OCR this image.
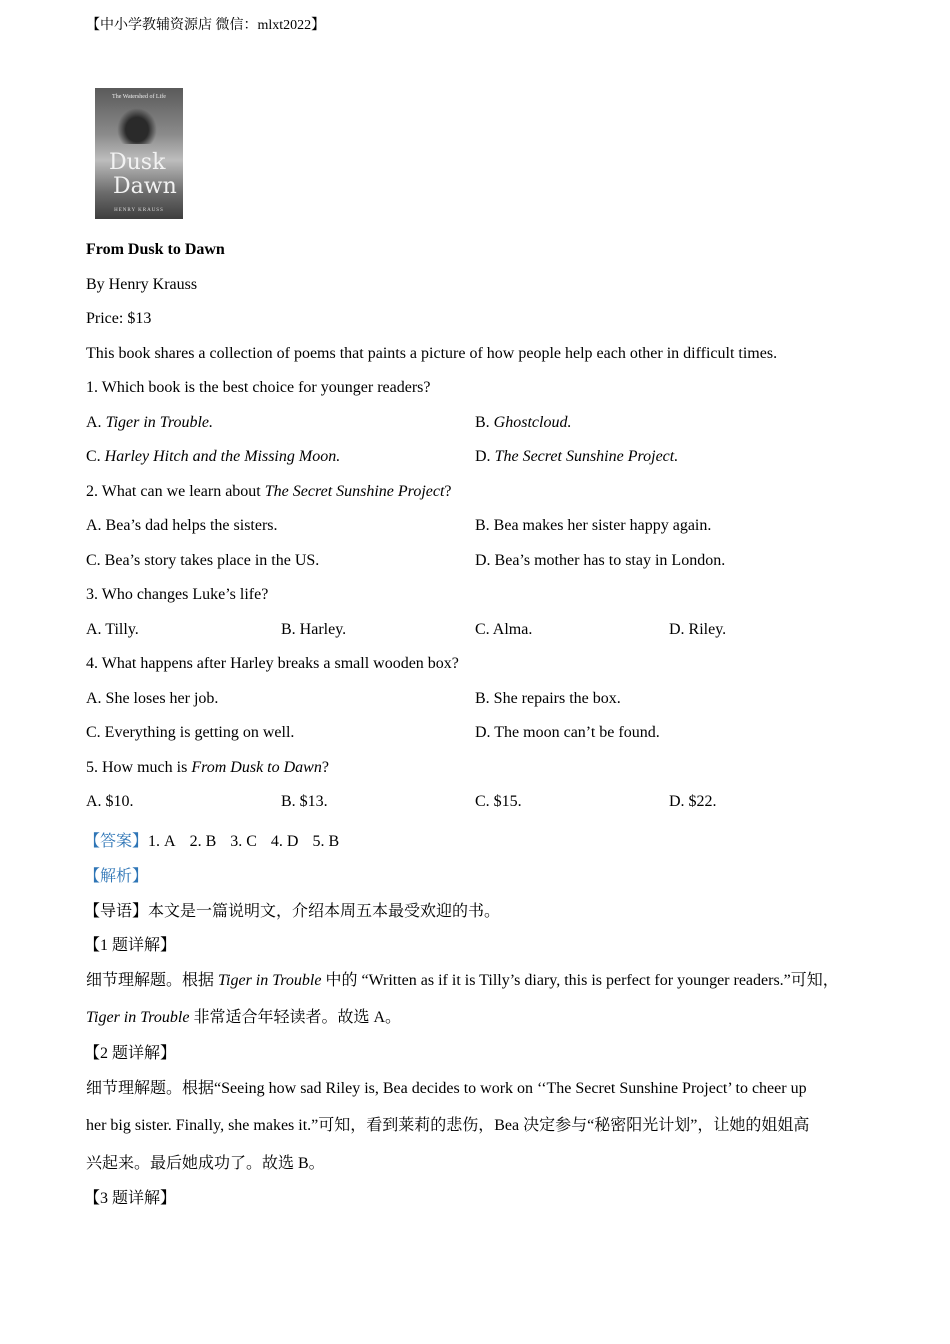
【中小学教辅资源店 微信：mlxt2022】
The Watershed of Life
Dusk
Dawn
HENRY KRAUSS
From Dusk to Dawn
By Henry Krauss
Price: $13
This book shares a collection of poems that paints a picture of how people help each other in difficult times.
1. Which book is the best choice for younger readers?
A. Tiger in Trouble.	B. Ghostcloud.
C. Harley Hitch and the Missing Moon.	D. The Secret Sunshine Project.
2. What can we learn about The Secret Sunshine Project?
A. Bea’s dad helps the sisters.	B. Bea makes her sister happy again.
C. Bea’s story takes place in the US.	D. Bea’s mother has to stay in London.
3. Who changes Luke’s life?
A. Tilly.	B. Harley.	C. Alma.	D. Riley.
4. What happens after Harley breaks a small wooden box?
A. She loses her job.	B. She repairs the box.
C. Everything is getting on well.	D. The moon can’t be found.
5. How much is From Dusk to Dawn?
A. $10.	B. $13.	C. $15.	D. $22.
【答案】1. A 2. B 3. C 4. D 5. B
【解析】
【导语】本文是一篇说明文，介绍本周五本最受欢迎的书。
【1 题详解】
细节理解题。根据 Tiger in Trouble 中的 “Written as if it is Tilly’s diary, this is perfect for younger readers.”可知，
Tiger in Trouble 非常适合年轻读者。故选 A。
【2 题详解】
细节理解题。根据“Seeing how sad Riley is, Bea decides to work on ‘‘The Secret Sunshine Project’ to cheer up
her big sister. Finally, she makes it.”可知，看到莱莉的悲伤，Bea 决定参与“秘密阳光计划”，让她的姐姐高
兴起来。最后她成功了。故选 B。
【3 题详解】
